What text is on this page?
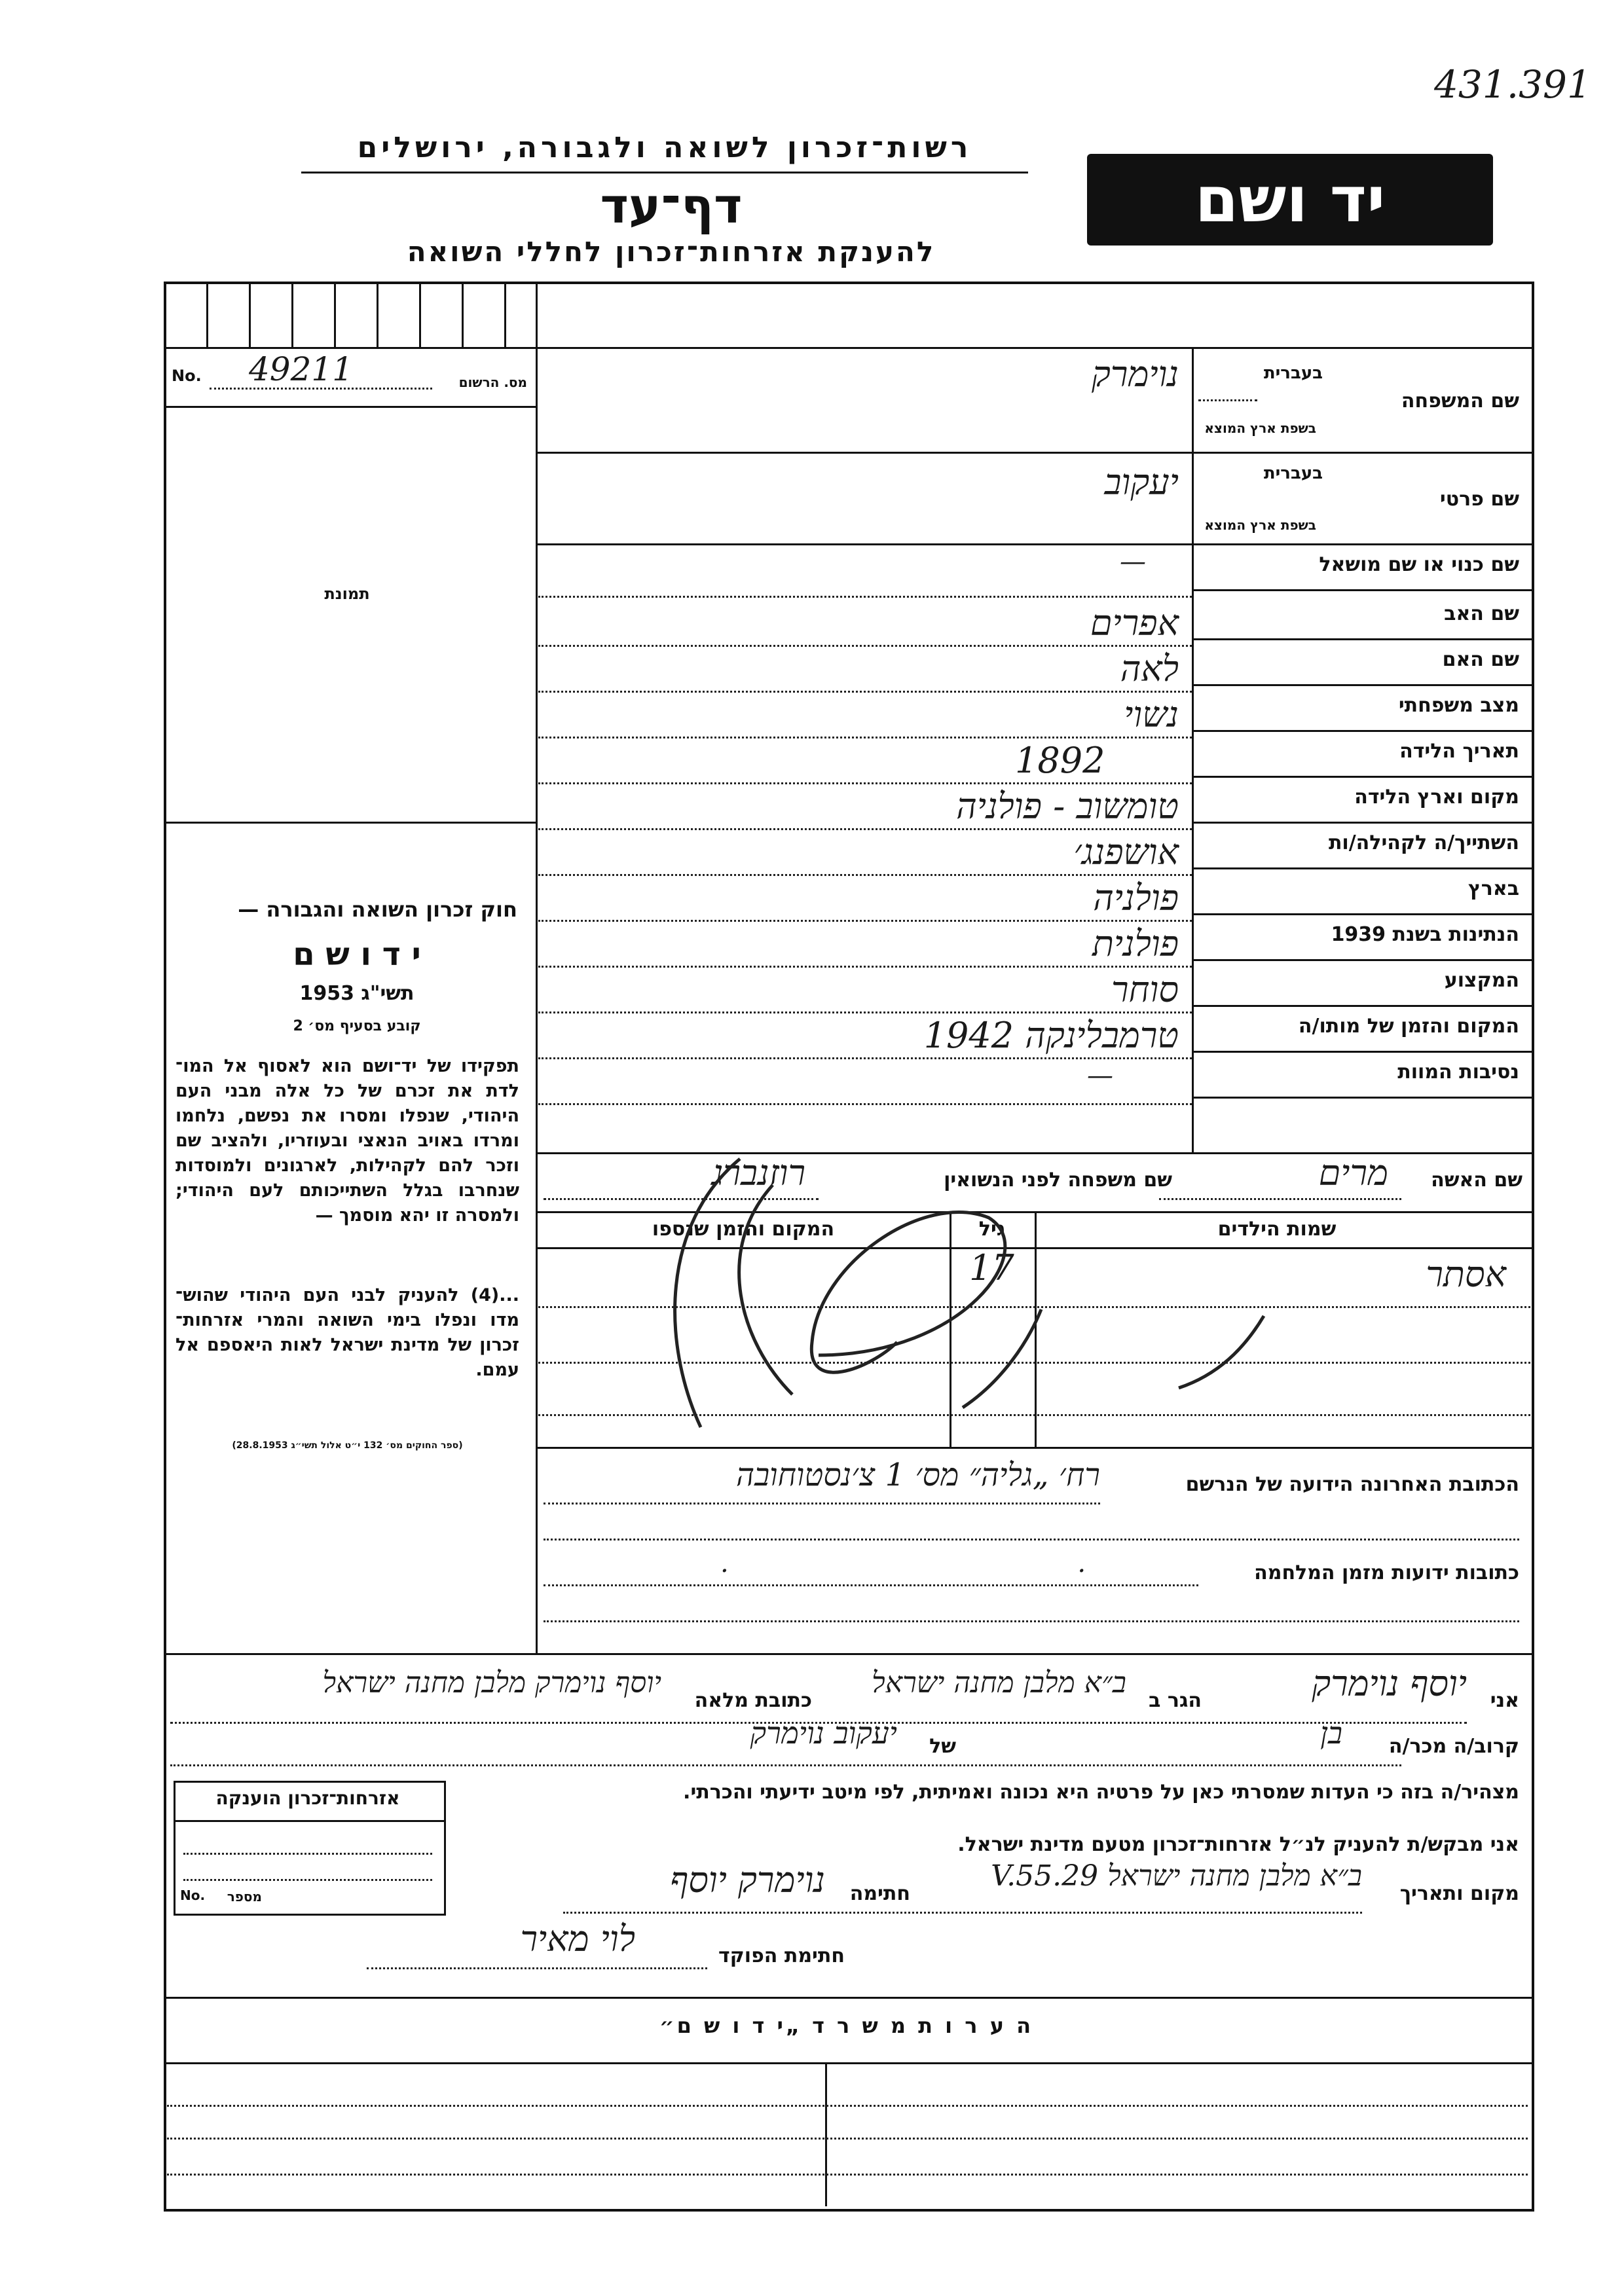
431.391
יד ושם
רשות־זכרון לשואה ולגבורה, ירושלים
דף־עד
להענקת אזרחות־זכרון לחללי השואה
No. 49211	מס. הרשום
תמונת
חוק זכרון השואה והגבורה —
י ד ו ש ם
תשי"ג 1953
קובע בסעיף מס׳ 2
תפקידו של יד־ושם הוא לאסוף אל המו־ לדת את זכרם של כל אלה מבני העם היהודי, שנפלו ומסרו את נפשם, נלחמו ומרדו באויב הנאצי ובעוזריו, ולהציב שם וזכר להם לקהילות, לארגונים ולמוסדות שנחרבו בגלל השתייכותם לעם היהודי; ולמסרה זו יהא מוסמך —
...(4) להעניק לבני העם היהודי שהוש־ מדו ונפלו בימי השואה והמרי אזרחות־ זכרון של מדינת ישראל לאות היאספם אל עמם.
(ספר החוקים מס׳ 132 י״ט אלול תשי״ג 28.8.1953)
שם המשפחה
בעברית
בשפת ארץ המוצא
נוימרק
שם פרטי
בעברית
בשפת ארץ המוצא
יעקוב
שם כנוי או שם מושאל
—
שם האב
אפרים
שם האם
לאה
מצב משפחתי
נשוי
תאריך הלידה
1892
מקום וארץ הלידה
טומשוב - פולניה
השתייך/ה לקהילה/ות
אושפנג׳
בארץ
פולניה
הנתינות בשנת 1939
פולנית
המקצוע
סוחר
המקום והזמן של מותו/ה
טרמבלינקה 1942
נסיבות המוות
—
שם האשה
מרים
שם משפחה לפני הנשואין
רוזנברג
שמות הילדים
גיל
המקום והזמן שנספו
אסתר
17
הכתובת האחרונה הידועה של הנרשם
רח׳ „גליה״ מס׳ 1 צ׳נסטוחובה
כתובות ידועות מזמן המלחמה
. .
אני
יוסף נוימרק
הגר ב
ב״א מלבן מחנה ישראל
כתובת מלאה
יוסף נוימרק מלבן מחנה ישראל
קרוב/ה מכר/ה
בן
של
יעקוב נוימרק
מצהיר/ה בזה כי העדות שמסרתי כאן על פרטיה היא נכונה ואמיתית, לפי מיטב ידיעתי והכרתי.
אני מבקש/ת להעניק לנ״ל אזרחות־זכרון מטעם מדינת ישראל.
מקום ותאריך
ב״א מלבן מחנה ישראל 29.V.55
חתימה
נוימרק יוסף
חתימת הפוקד
לוי מאיר
אזרחות־זכרון הוענקה
No.	מספר
ה ע ר ו ת מ ש ר ד „י ד ו ש ם״
